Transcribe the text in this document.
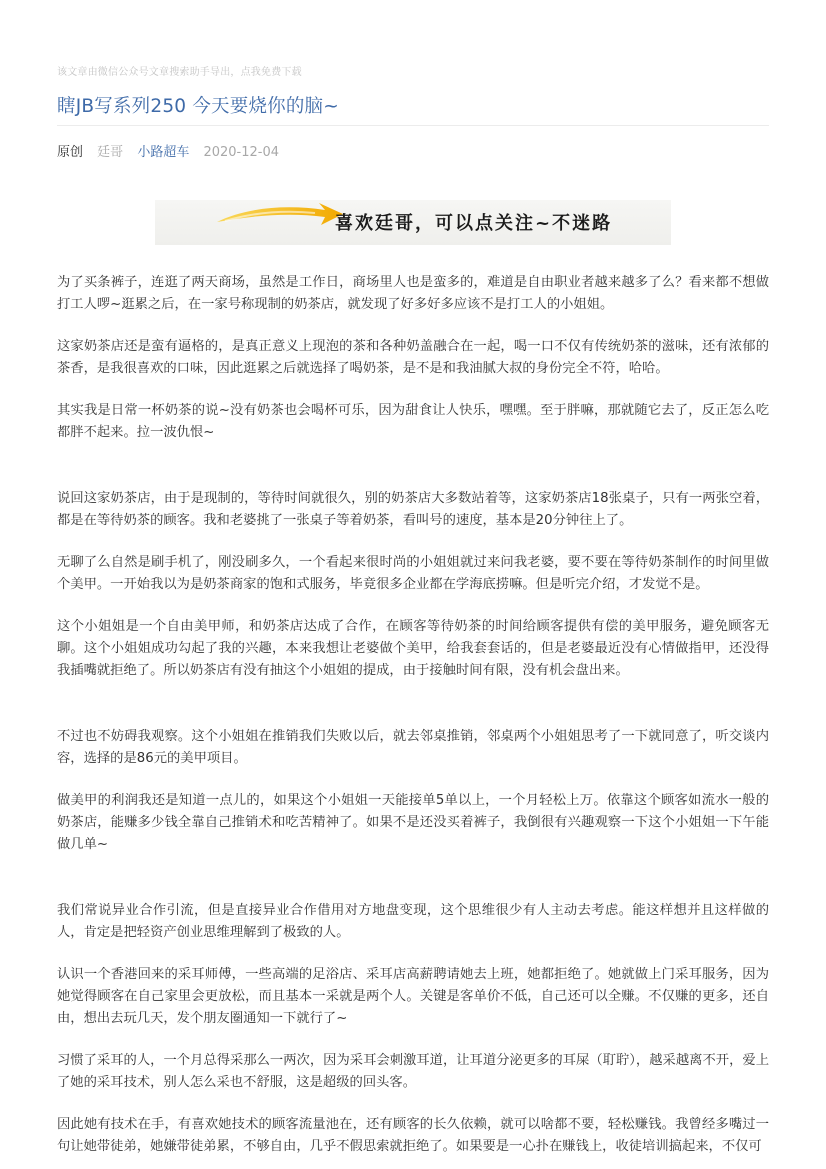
该文章由微信公众号文章搜索助手导出，点我免费下载
瞎JB写系列250 今天要烧你的脑~
原创 廷哥 小路超车 2020-12-04
喜欢廷哥，可以点关注~不迷路

为了买条裤子，连逛了两天商场，虽然是工作日，商场里人也是蛮多的，难道是自由职业者越来越多了么？看来都不想做打工人啰~逛累之后，在一家号称现制的奶茶店，就发现了好多好多应该不是打工人的小姐姐。

这家奶茶店还是蛮有逼格的，是真正意义上现泡的茶和各种奶盖融合在一起，喝一口不仅有传统奶茶的滋味，还有浓郁的茶香，是我很喜欢的口味，因此逛累之后就选择了喝奶茶，是不是和我油腻大叔的身份完全不符，哈哈。

其实我是日常一杯奶茶的说~没有奶茶也会喝杯可乐，因为甜食让人快乐，嘿嘿。至于胖嘛，那就随它去了，反正怎么吃都胖不起来。拉一波仇恨~

说回这家奶茶店，由于是现制的，等待时间就很久，别的奶茶店大多数站着等，这家奶茶店18张桌子，只有一两张空着，都是在等待奶茶的顾客。我和老婆挑了一张桌子等着奶茶，看叫号的速度，基本是20分钟往上了。

无聊了么自然是刷手机了，刚没刷多久，一个看起来很时尚的小姐姐就过来问我老婆，要不要在等待奶茶制作的时间里做个美甲。一开始我以为是奶茶商家的饱和式服务，毕竟很多企业都在学海底捞嘛。但是听完介绍，才发觉不是。

这个小姐姐是一个自由美甲师，和奶茶店达成了合作，在顾客等待奶茶的时间给顾客提供有偿的美甲服务，避免顾客无聊。这个小姐姐成功勾起了我的兴趣，本来我想让老婆做个美甲，给我套套话的，但是老婆最近没有心情做指甲，还没得我插嘴就拒绝了。所以奶茶店有没有抽这个小姐姐的提成，由于接触时间有限，没有机会盘出来。

不过也不妨碍我观察。这个小姐姐在推销我们失败以后，就去邻桌推销，邻桌两个小姐姐思考了一下就同意了，听交谈内容，选择的是86元的美甲项目。

做美甲的利润我还是知道一点儿的，如果这个小姐姐一天能接单5单以上，一个月轻松上万。依靠这个顾客如流水一般的奶茶店，能赚多少钱全靠自己推销术和吃苦精神了。如果不是还没买着裤子，我倒很有兴趣观察一下这个小姐姐一下午能做几单~

我们常说异业合作引流，但是直接异业合作借用对方地盘变现，这个思维很少有人主动去考虑。能这样想并且这样做的人，肯定是把轻资产创业思维理解到了极致的人。

认识一个香港回来的采耳师傅，一些高端的足浴店、采耳店高薪聘请她去上班，她都拒绝了。她就做上门采耳服务，因为她觉得顾客在自己家里会更放松，而且基本一采就是两个人。关键是客单价不低，自己还可以全赚。不仅赚的更多，还自由，想出去玩几天，发个朋友圈通知一下就行了~

习惯了采耳的人，一个月总得采那么一两次，因为采耳会刺激耳道，让耳道分泌更多的耳屎（耵聍），越采越离不开，爱上了她的采耳技术，别人怎么采也不舒服，这是超级的回头客。

因此她有技术在手，有喜欢她技术的顾客流量池在，还有顾客的长久依赖，就可以啥都不要，轻松赚钱。我曾经多嘴过一句让她带徒弟，她嫌带徒弟累，不够自由，几乎不假思索就拒绝了。如果要是一心扑在赚钱上，收徒培训搞起来，不仅可
